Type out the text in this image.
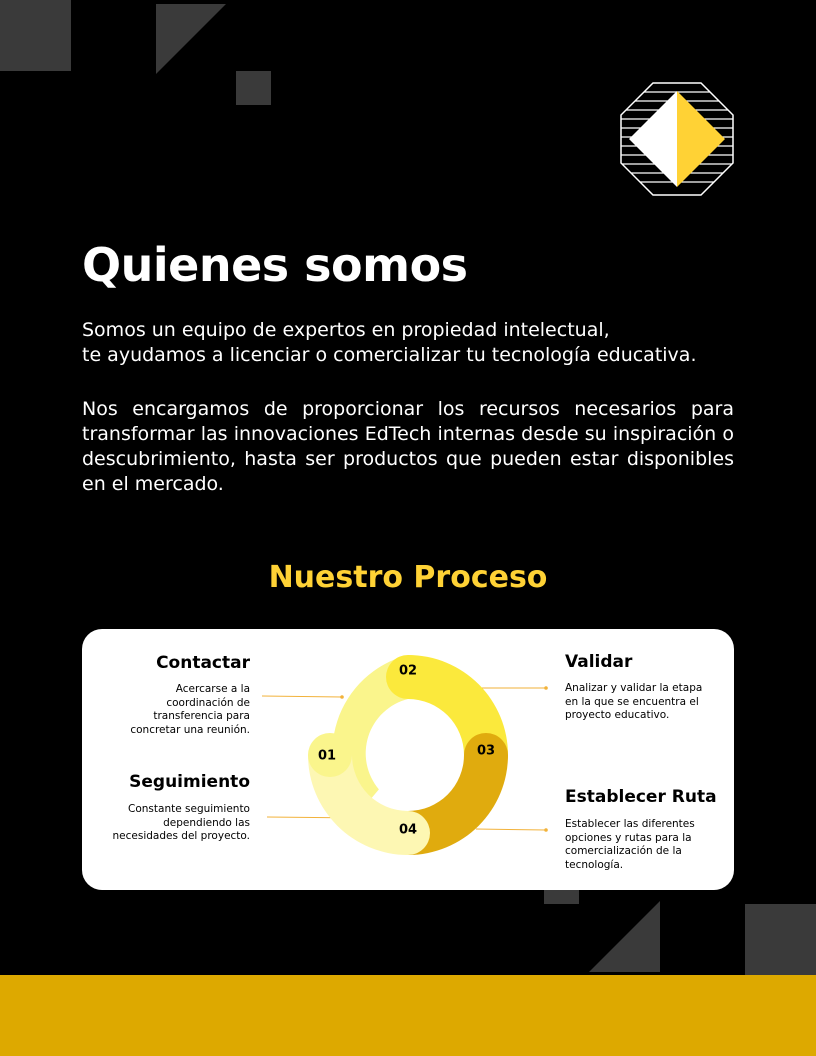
Quienes somos

Somos un equipo de expertos en propiedad intelectual,
te ayudamos a licenciar o comercializar tu tecnología educativa.

Nos encargamos de proporcionar los recursos necesarios para transformar las innovaciones EdTech internas desde su inspiración o descubrimiento, hasta ser productos que pueden estar disponibles en el mercado.

Nuestro Proceso
01
02
03
04
Contactar

Acercarse a la coordinación de transferencia para concretar una reunión.

Seguimiento

Constante seguimiento dependiendo las necesidades del proyecto.

Validar

Analizar y validar la etapa en la que se encuentra el proyecto educativo.

Establecer Ruta

Establecer las diferentes opciones y rutas para la comercialización de la tecnología.
